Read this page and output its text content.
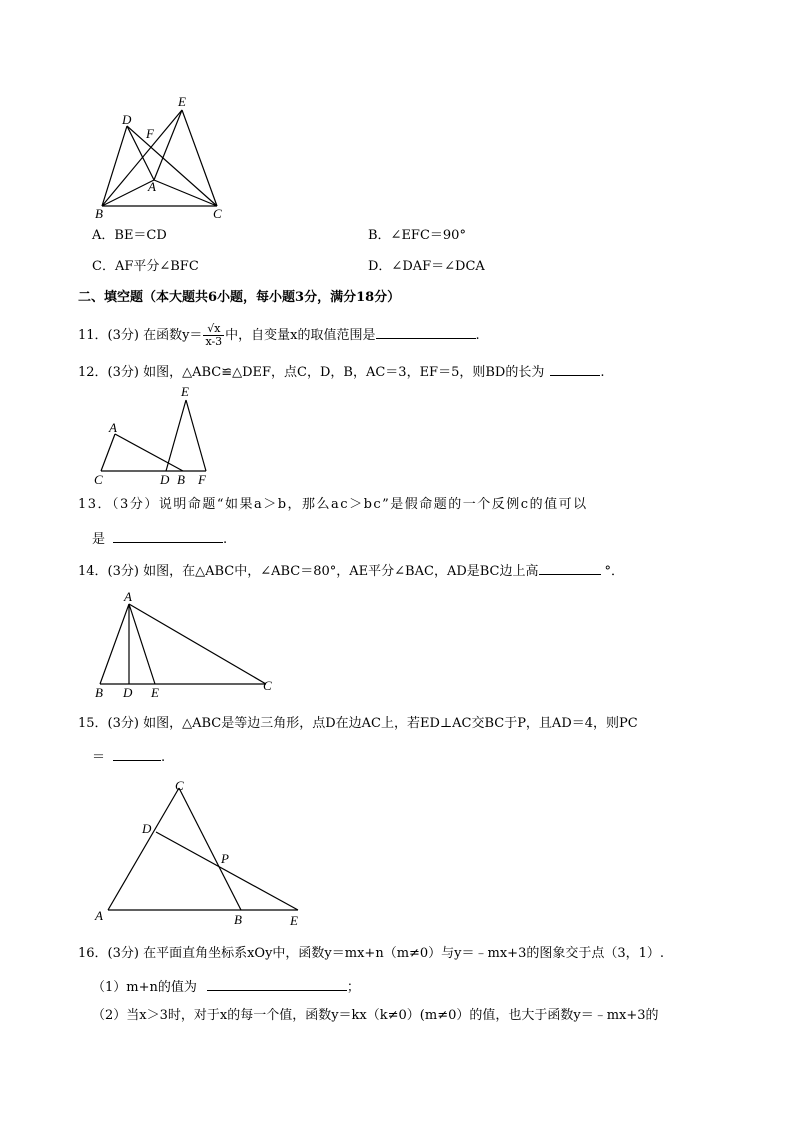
D
F
E
A
B	C
A．BE＝CD	B．∠EFC＝90°
C．AF平分∠BFC	D．∠DAF＝∠DCA
二、填空题（本大题共6小题，每小题3分，满分18分）
11．(3分) 在函数$y= \frac{√x}{x-3}$ 中，自变量x的取值范围是	.
12．(3分) 如图，△ABC≌△DEF，点C，D，B，AC＝3，EF＝5，则BD的长为	.
A
E
C	D B F
13．（3分）说明命题“如果a＞b，那么ac＞bc”是假命题的一个反例c的值可以
是	.
14．(3分) 如图，在△ABC中，∠ABC＝80°，AE平分∠BAC，AD是BC边上高	°．
A
B D E	C
15．(3分) 如图，△ABC是等边三角形，点D在边AC上，若ED⊥AC交BC于P，且AD＝4，则PC
＝	.
C
D
P
A	B	E
16．(3分) 在平面直角坐标系xOy中，函数y＝mx+n（m≠0）与y＝﹣mx+3的图象交于点（3，1）.
（1）m+n的值为	；
（2）当x＞3时，对于x的每一个值，函数y＝kx（k≠0）(m≠0）的值，也大于函数y＝﹣mx+3的
